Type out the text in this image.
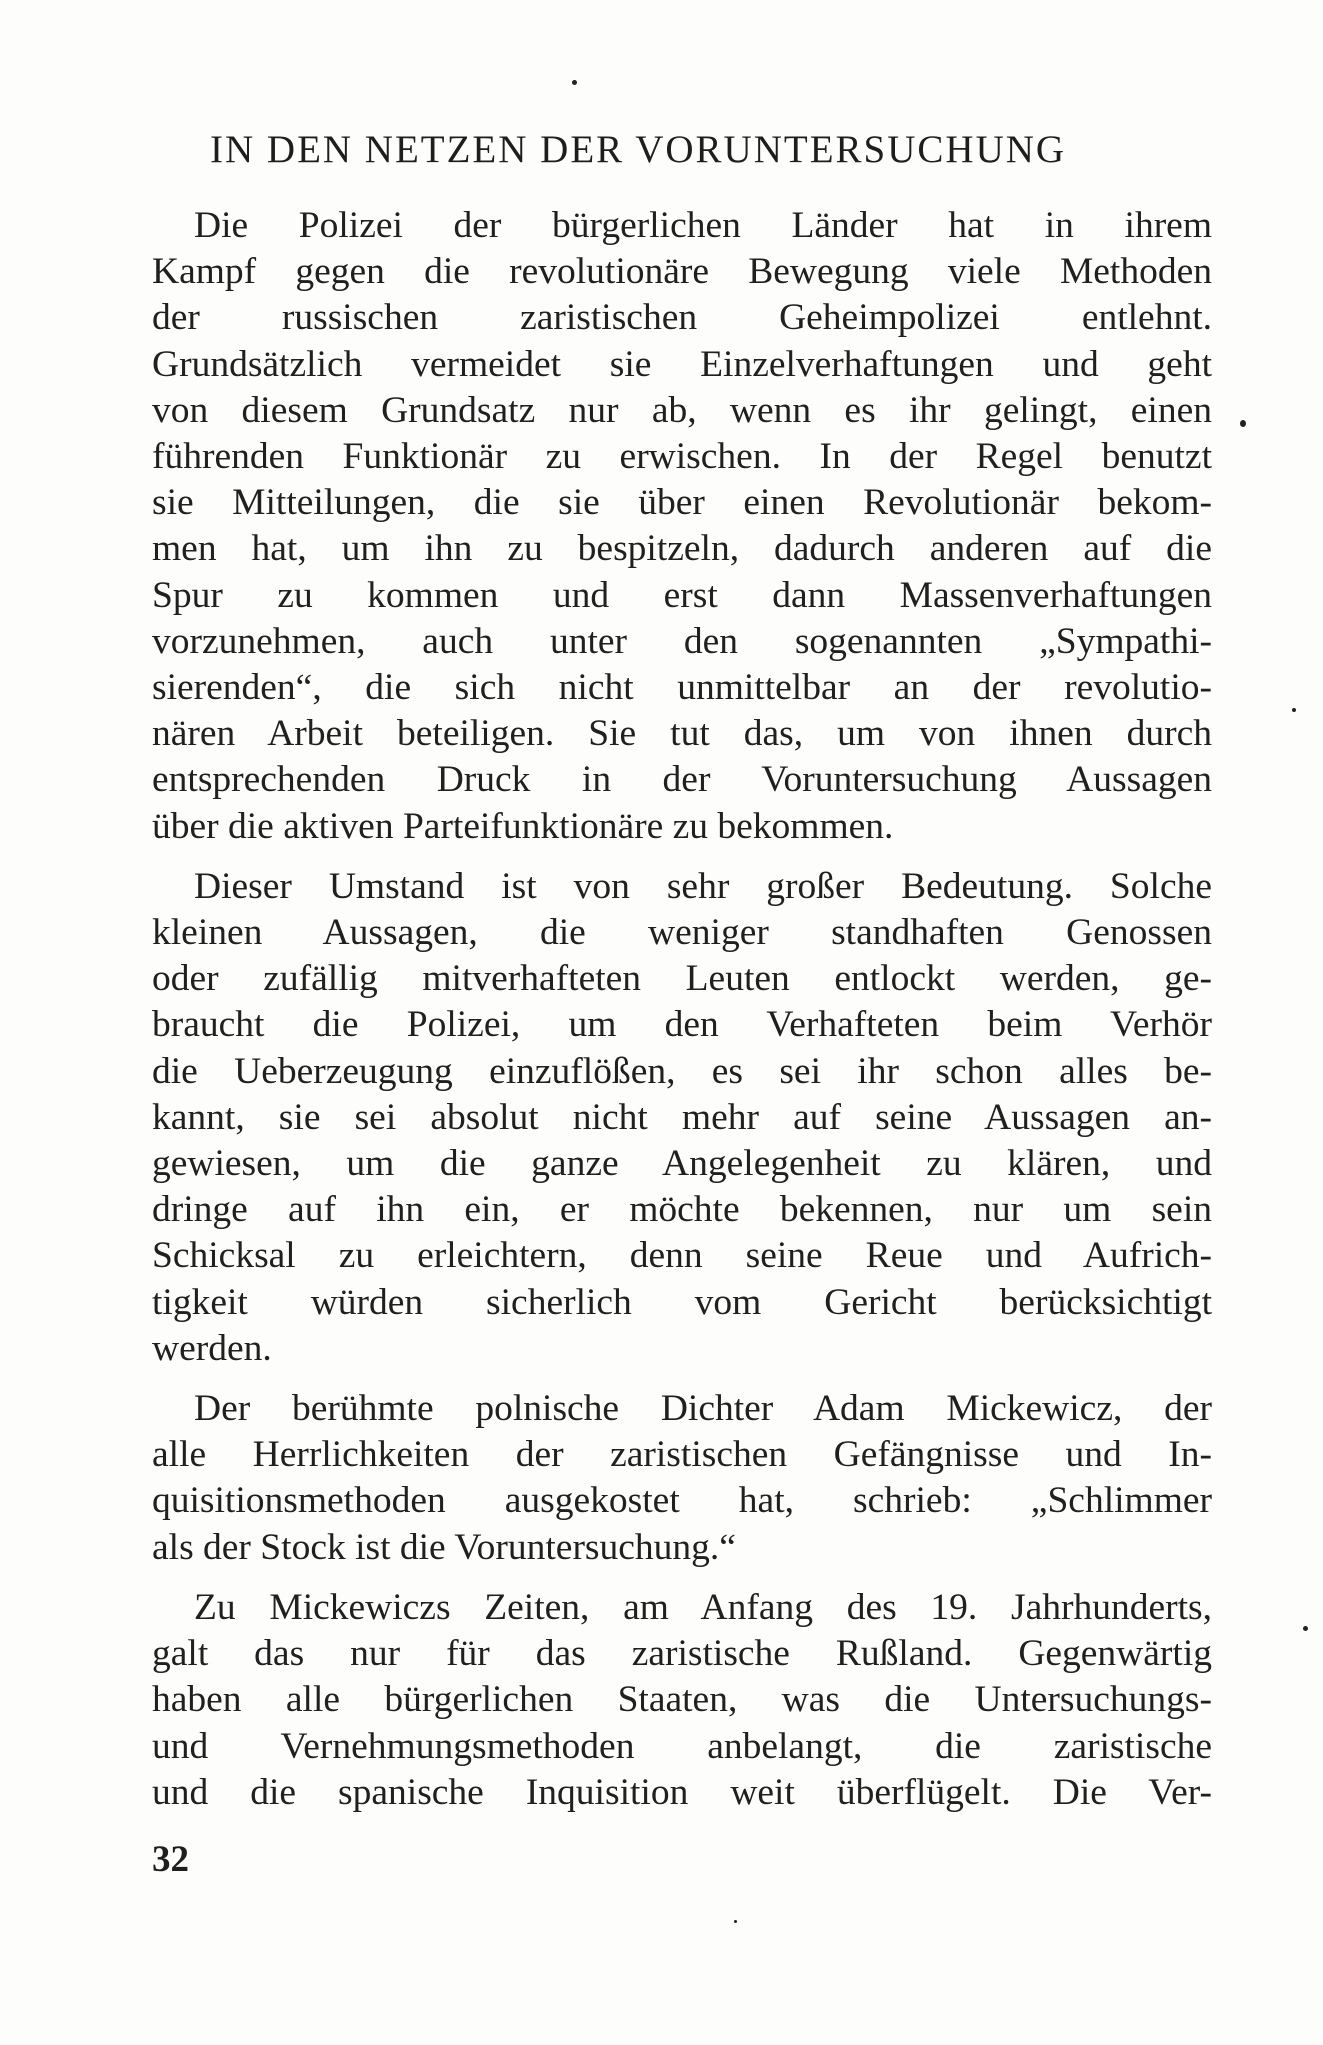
IN DEN NETZEN DER VORUNTERSUCHUNG

Die Polizei der bürgerlichen Länder hat in ihrem
Kampf gegen die revolutionäre Bewegung viele Methoden
der russischen zaristischen Geheimpolizei entlehnt.
Grundsätzlich vermeidet sie Einzelverhaftungen und geht
von diesem Grundsatz nur ab, wenn es ihr gelingt, einen
führenden Funktionär zu erwischen. In der Regel benutzt
sie Mitteilungen, die sie über einen Revolutionär bekom-
men hat, um ihn zu bespitzeln, dadurch anderen auf die
Spur zu kommen und erst dann Massenverhaftungen
vorzunehmen, auch unter den sogenannten „Sympathi-
sierenden“, die sich nicht unmittelbar an der revolutio-
nären Arbeit beteiligen. Sie tut das, um von ihnen durch
entsprechenden Druck in der Voruntersuchung Aussagen
über die aktiven Parteifunktionäre zu bekommen.

Dieser Umstand ist von sehr großer Bedeutung. Solche
kleinen Aussagen, die weniger standhaften Genossen
oder zufällig mitverhafteten Leuten entlockt werden, ge-
braucht die Polizei, um den Verhafteten beim Verhör
die Ueberzeugung einzuflößen, es sei ihr schon alles be-
kannt, sie sei absolut nicht mehr auf seine Aussagen an-
gewiesen, um die ganze Angelegenheit zu klären, und
dringe auf ihn ein, er möchte bekennen, nur um sein
Schicksal zu erleichtern, denn seine Reue und Aufrich-
tigkeit würden sicherlich vom Gericht berücksichtigt
werden.

Der berühmte polnische Dichter Adam Mickewicz, der
alle Herrlichkeiten der zaristischen Gefängnisse und In-
quisitionsmethoden ausgekostet hat, schrieb: „Schlimmer
als der Stock ist die Voruntersuchung.“

Zu Mickewiczs Zeiten, am Anfang des 19. Jahrhunderts,
galt das nur für das zaristische Rußland. Gegenwärtig
haben alle bürgerlichen Staaten, was die Untersuchungs-
und Vernehmungsmethoden anbelangt, die zaristische
und die spanische Inquisition weit überflügelt. Die Ver-

32
